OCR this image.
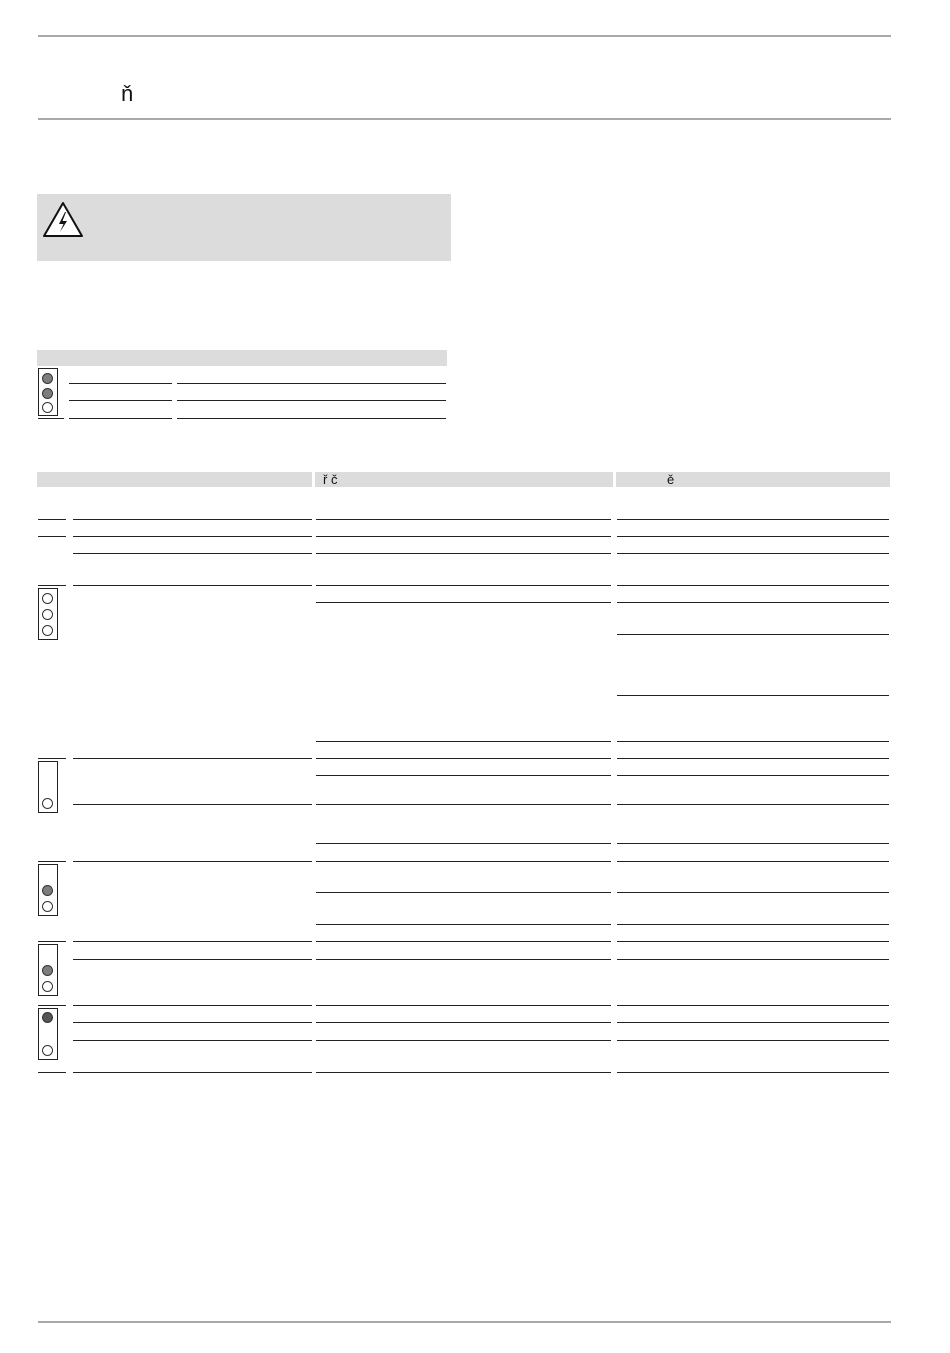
ň
ř č	ě
